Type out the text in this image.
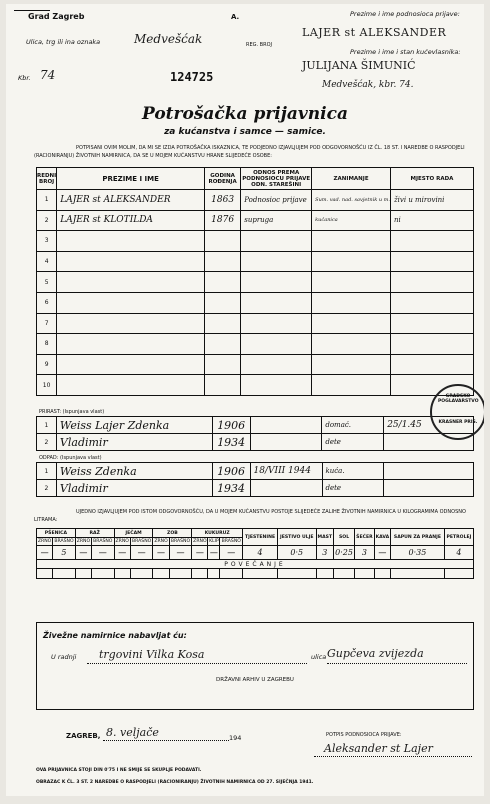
Grad Zagreb	A.
Ulica, trg ili ina oznaka	Medvešćak	REG. BROJ
Kbr. 74	124725
Prezime i ime podnosioca prijave:
LAJER st ALEKSANDER
Prezime i ime i stan kućevlasnika:
JULIJANA ŠIMUNIĆ
Medvešćak, kbr. 74.
Potrošačka prijavnica
za kućanstva i samce — samice.
POTPISANI OVIM MOLIM, DA MI SE IZDA POTROŠAČKA ISKAZNICA, TE PODJEDNO IZJAVLJUJEM POD ODGOVORNOŠĆU IZ ČL. 18 ST. I NAREDBE O RASPODJELI (RACIONIRANJU) ŽIVOTNIH NAMIRNICA, DA SE U MOJEM KUĆANSTVU HRANE SLIJEDEĆE OSOBE:
REDNI BROJ	PREZIME I IME	GODINA ROĐENJA	ODNOS PREMA PODNOSIOCU PRIJAVE ODN. STAREŠINI	ZANIMANJE	MJESTO RADA
1	LAJER st ALEKSANDER	1863	Podnosioc prijave	Sum. vad. nad. savjetnik u m.	živi u mirovini
2	LAJER st KLOTILDA	1876	supruga	kućanica	ni
3					
4					
5					
6					
7					
8					
9					
10					
PRIRAST: (Ispunjava vlast)
1	Weiss Lajer Zdenka	1906		domać.	25/1.45
2	Vladimir	1934		dete	
ODPAD: (Ispunjava vlast)
1	Weiss Zdenka	1906	18/VIII 1944	kuća.	
2	Vladimir	1934		dete	
GRADSKO POGLAVARSTVO
KRASNER PRIS.
UJEDNO IZJAVLJUJEM POD ISTOM ODGOVORNOŠĆU, DA U MOJEM KUĆANSTVU POSTOJE SLIJEDEĆE ZALIHE ŽIVOTNIH NAMIRNICA U KILOGRAMIMA ODNOSNO LITRAMA:
PŠENICA		RAŽ		JEČAM		ZOB		KUKURUZ			TJESTENINE	JESTIVO ULJE	MAST	SOL	ŠEĆER	KAVA	SAPUN ZA PRANJE	PETROLEJ
ZRNO	BRAŠNO	ZRNO	BRAŠNO	ZRNO	BRAŠNO	ZRNO	BRAŠNO	ZRNO	KLIP	BRAŠNO								
—	5	—	—	—	—	—	—	—	—	—	4	0·5	3	0·25	3	—	0·35	4
POVEĆANJE																		

Živežne namirnice nabavljat ću:
U radnji trgovini Vilka Kosa	ulica Gupčeva zvijezda
DRŽAVNI ARHIV U ZAGREBU
ZAGREB, 8. veljače	194	POTPIS PODNOSIOCA PRIJAVE:
Aleksander st Lajer
OVA PRIJAVNICA STOJI DIN 0'75 I NE SMIJE SE SKUPLJE PODAVATI.
OBRAZAC K ČL. 3 ST. 2 NAREDBE O RASPODJELI (RACIONIRANJU) ŽIVOTNIH NAMIRNICA OD 27. SIJEČNJA 1941.
